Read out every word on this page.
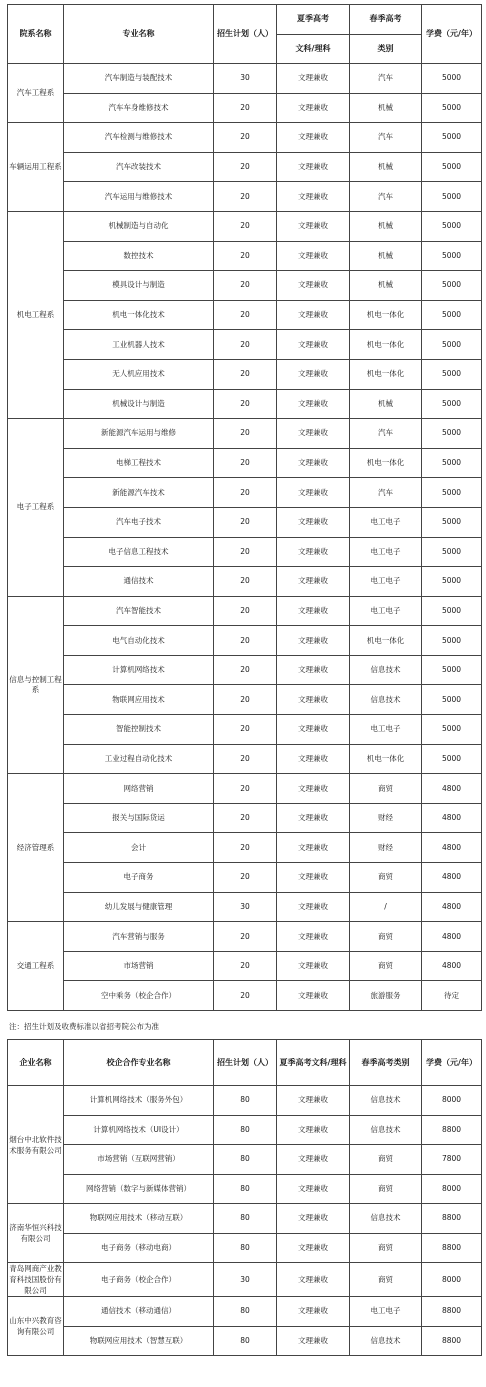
院系名称	专业名称	招生计划（人）	夏季高考	春季高考	学费（元/年）
			文科/理科	类别	
汽车工程系	汽车制造与装配技术	30	文理兼收	汽车	5000
	汽车车身维修技术	20	文理兼收	机械	5000
车辆运用工程系	汽车检测与维修技术	20	文理兼收	汽车	5000
	汽车改装技术	20	文理兼收	机械	5000
	汽车运用与维修技术	20	文理兼收	汽车	5000
机电工程系	机械制造与自动化	20	文理兼收	机械	5000
	数控技术	20	文理兼收	机械	5000
	模具设计与制造	20	文理兼收	机械	5000
	机电一体化技术	20	文理兼收	机电一体化	5000
	工业机器人技术	20	文理兼收	机电一体化	5000
	无人机应用技术	20	文理兼收	机电一体化	5000
	机械设计与制造	20	文理兼收	机械	5000
电子工程系	新能源汽车运用与维修	20	文理兼收	汽车	5000
	电梯工程技术	20	文理兼收	机电一体化	5000
	新能源汽车技术	20	文理兼收	汽车	5000
	汽车电子技术	20	文理兼收	电工电子	5000
	电子信息工程技术	20	文理兼收	电工电子	5000
	通信技术	20	文理兼收	电工电子	5000
信息与控制工程系	汽车智能技术	20	文理兼收	电工电子	5000
	电气自动化技术	20	文理兼收	机电一体化	5000
	计算机网络技术	20	文理兼收	信息技术	5000
	物联网应用技术	20	文理兼收	信息技术	5000
	智能控制技术	20	文理兼收	电工电子	5000
	工业过程自动化技术	20	文理兼收	机电一体化	5000
经济管理系	网络营销	20	文理兼收	商贸	4800
	报关与国际货运	20	文理兼收	财经	4800
	会计	20	文理兼收	财经	4800
	电子商务	20	文理兼收	商贸	4800
	幼儿发展与健康管理	30	文理兼收	/	4800
交通工程系	汽车营销与服务	20	文理兼收	商贸	4800
	市场营销	20	文理兼收	商贸	4800
	空中乘务（校企合作）	20	文理兼收	旅游服务	待定
注：招生计划及收费标准以省招考院公布为准
企业名称	校企合作专业名称	招生计划（人）	夏季高考文科/理科	春季高考类别	学费（元/年）
烟台中北软件技术服务有限公司	计算机网络技术（服务外包）	80	文理兼收	信息技术	8000
	计算机网络技术（UI设计）	80	文理兼收	信息技术	8800
	市场营销（互联网营销）	80	文理兼收	商贸	7800
	网络营销（数字与新媒体营销）	80	文理兼收	商贸	8000
济南华恒兴科技有限公司	物联网应用技术（移动互联）	80	文理兼收	信息技术	8800
	电子商务（移动电商）	80	文理兼收	商贸	8800
青岛网商产业教育科技国股份有限公司	电子商务（校企合作）	30	文理兼收	商贸	8000
山东中兴教育咨询有限公司	通信技术（移动通信）	80	文理兼收	电工电子	8800
	物联网应用技术（智慧互联）	80	文理兼收	信息技术	8800
